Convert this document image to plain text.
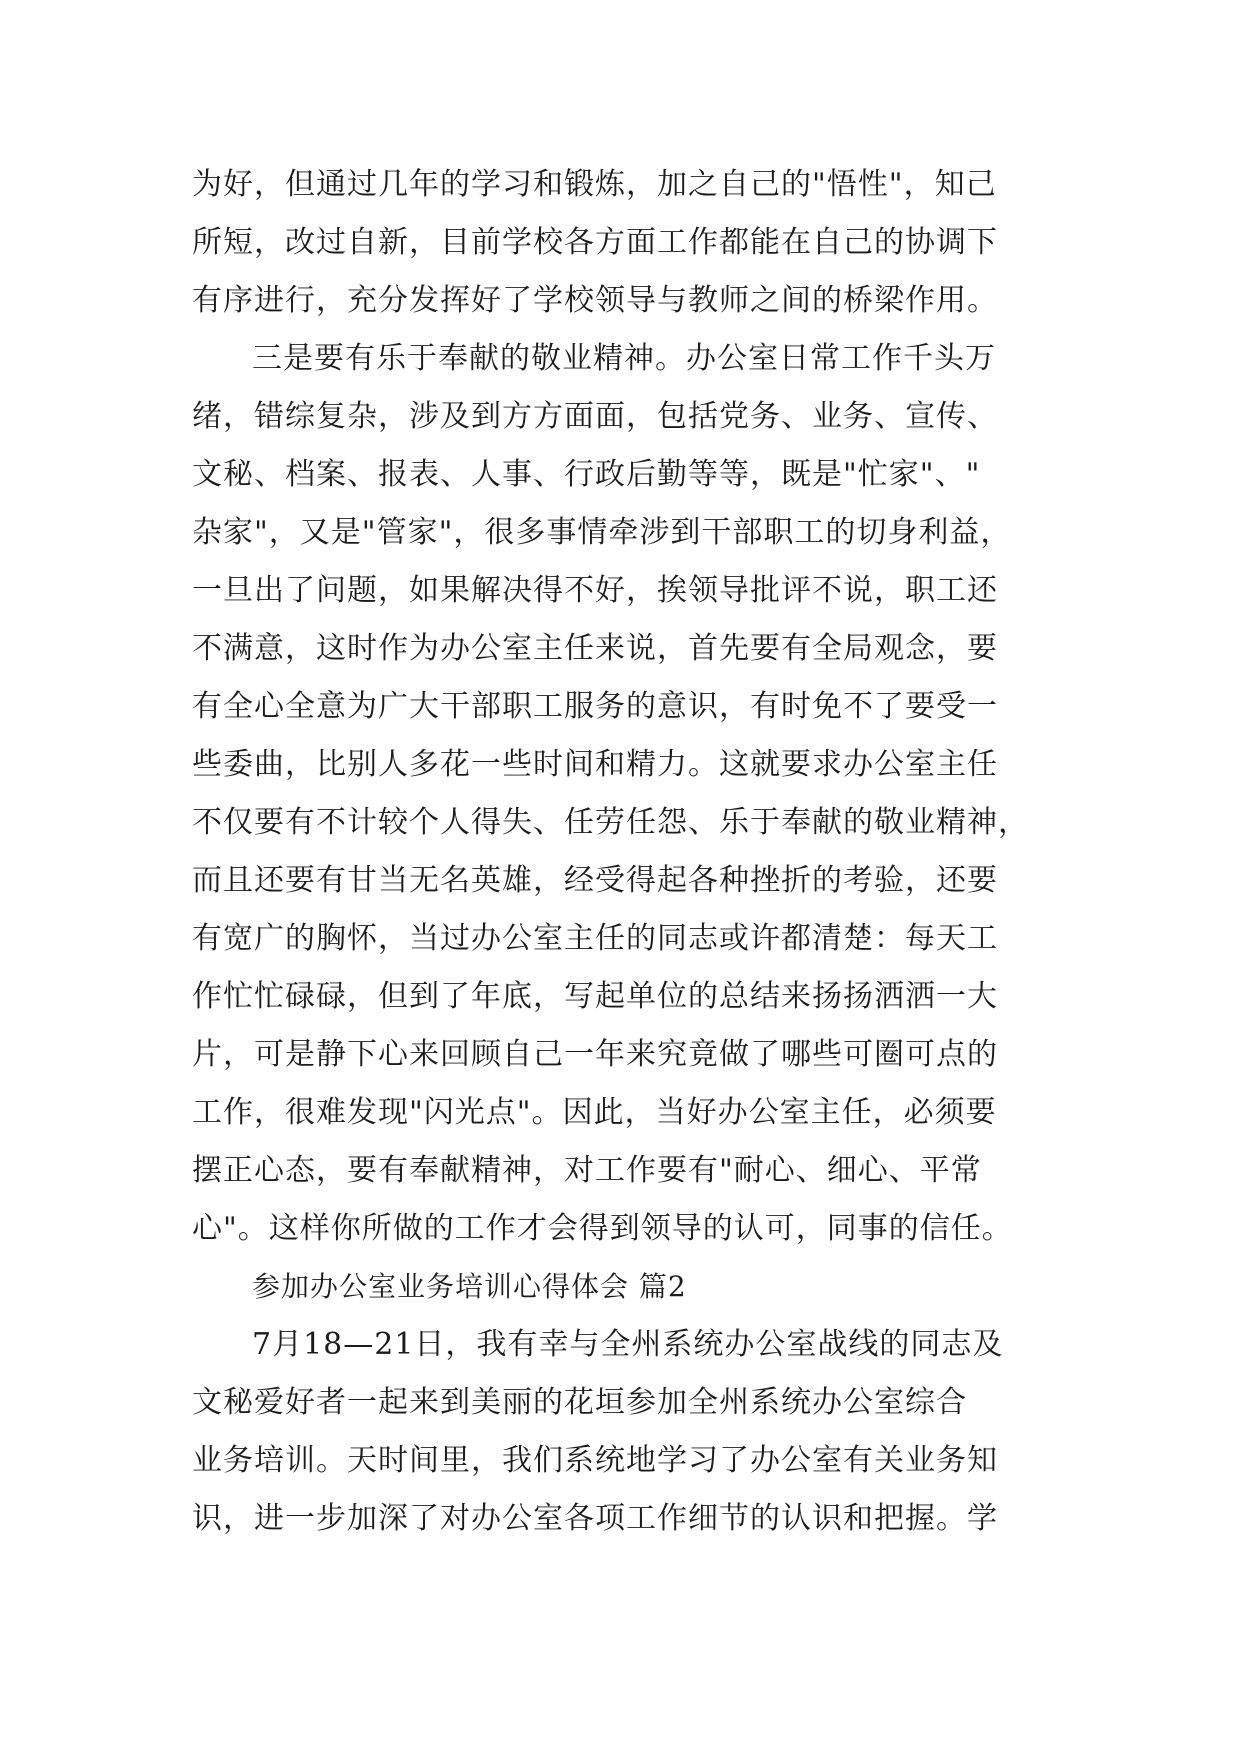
为好，但通过几年的学习和锻炼，加之自己的"悟性"，知己
所短，改过自新，目前学校各方面工作都能在自己的协调下
有序进行，充分发挥好了学校领导与教师之间的桥梁作用。
三是要有乐于奉献的敬业精神。办公室日常工作千头万
绪，错综复杂，涉及到方方面面，包括党务、业务、宣传、
文秘、档案、报表、人事、行政后勤等等，既是"忙家"、"
杂家"，又是"管家"，很多事情牵涉到干部职工的切身利益，
一旦出了问题，如果解决得不好，挨领导批评不说，职工还
不满意，这时作为办公室主任来说，首先要有全局观念，要
有全心全意为广大干部职工服务的意识，有时免不了要受一
些委曲，比别人多花一些时间和精力。这就要求办公室主任
不仅要有不计较个人得失、任劳任怨、乐于奉献的敬业精神，
而且还要有甘当无名英雄，经受得起各种挫折的考验，还要
有宽广的胸怀，当过办公室主任的同志或许都清楚：每天工
作忙忙碌碌，但到了年底，写起单位的总结来扬扬洒洒一大
片，可是静下心来回顾自己一年来究竟做了哪些可圈可点的
工作，很难发现"闪光点"。因此，当好办公室主任，必须要
摆正心态，要有奉献精神，对工作要有"耐心、细心、平常
心"。这样你所做的工作才会得到领导的认可，同事的信任。
参加办公室业务培训心得体会 篇2
7月18—21日，我有幸与全州系统办公室战线的同志及
文秘爱好者一起来到美丽的花垣参加全州系统办公室综合
业务培训。天时间里，我们系统地学习了办公室有关业务知
识，进一步加深了对办公室各项工作细节的认识和把握。学
